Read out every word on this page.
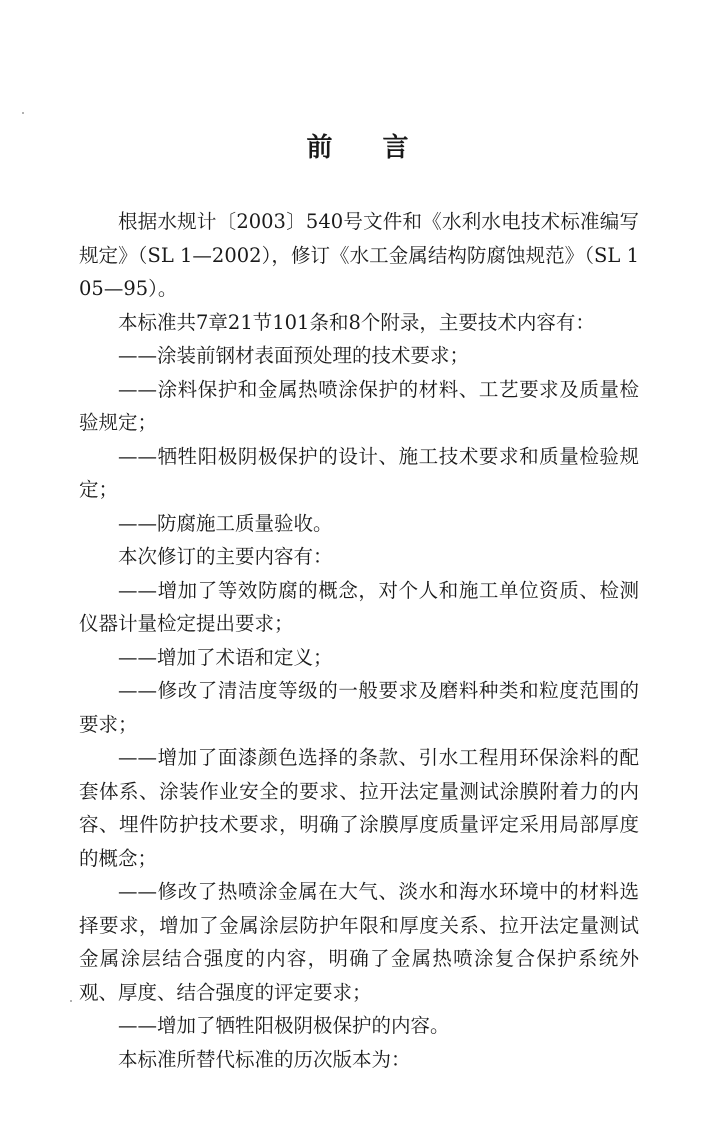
前言

根据水规计〔2003〕540号文件和《水利水电技术标准编写规定》（SL 1—2002），修订《水工金属结构防腐蚀规范》（SL 105—95）。

本标准共7章21节101条和8个附录，主要技术内容有：

——涂装前钢材表面预处理的技术要求；

——涂料保护和金属热喷涂保护的材料、工艺要求及质量检验规定；

——牺牲阳极阴极保护的设计、施工技术要求和质量检验规定；

——防腐施工质量验收。

本次修订的主要内容有：

——增加了等效防腐的概念，对个人和施工单位资质、检测仪器计量检定提出要求；

——增加了术语和定义；

——修改了清洁度等级的一般要求及磨料种类和粒度范围的要求；

——增加了面漆颜色选择的条款、引水工程用环保涂料的配套体系、涂装作业安全的要求、拉开法定量测试涂膜附着力的内容、埋件防护技术要求，明确了涂膜厚度质量评定采用局部厚度的概念；

——修改了热喷涂金属在大气、淡水和海水环境中的材料选择要求，增加了金属涂层防护年限和厚度关系、拉开法定量测试金属涂层结合强度的内容，明确了金属热喷涂复合保护系统外观、厚度、结合强度的评定要求；

——增加了牺牲阳极阴极保护的内容。

本标准所替代标准的历次版本为：
